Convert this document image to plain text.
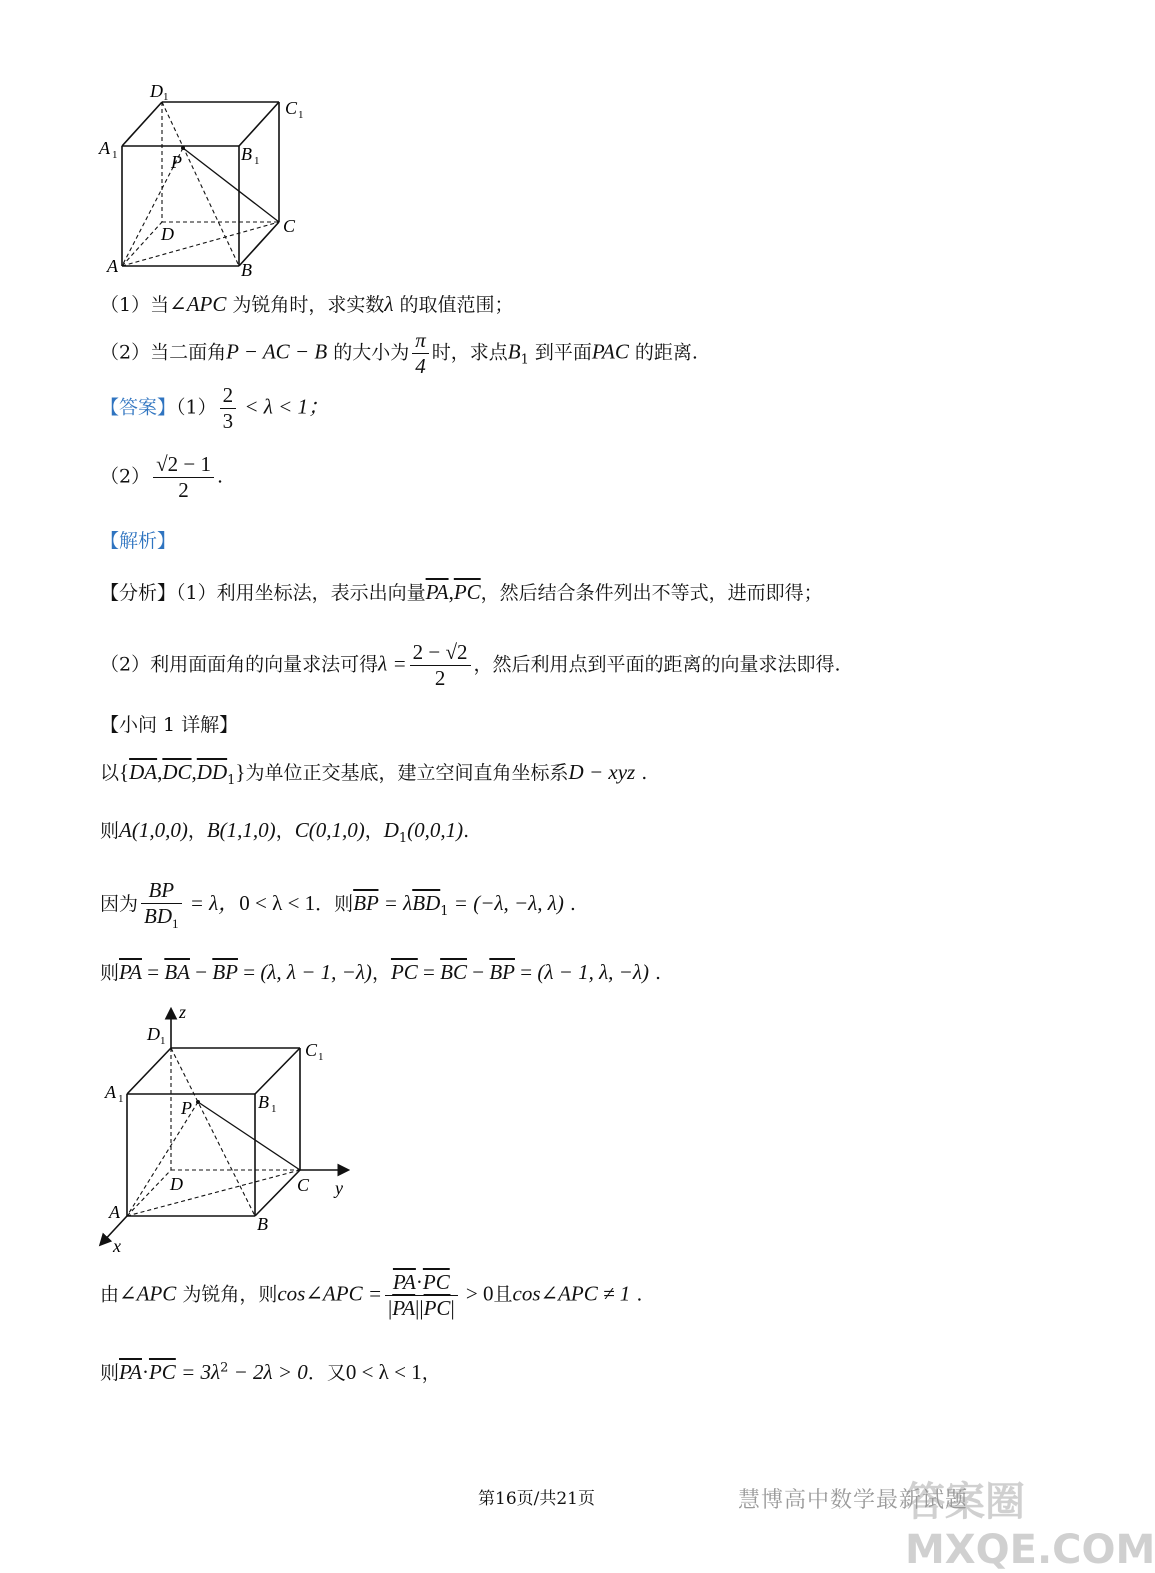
D 1
C 1
A 1	B 1
P
D	C
A	B
（1）当∠APC 为锐角时，求实数λ 的取值范围；
（2）当二面角P − AC − B 的大小为 $\frac{\pi}{4}$ 时，求点$B_1$ 到平面PAC 的距离.
【答案】$(1) \frac{2}{3} < \lambda < 1$；
$(2) \frac{√2 - 1}{2}$ .
【解析】
【分析】（1）利用坐标法，表示出向量$\overline{PA},\overline{PC}$，然后结合条件列出不等式，进而即得；
（2）利用面面角的向量求法可得$\lambda = \frac{2 - √2}{2}$ ，然后利用点到平面的距离的向量求法即得.
【小问 1 详解】
以$\{\overline{DA},\overline{DC},\overline{DD}_1\}$为单位正交基底，建立空间直角坐标系D − xyz .
则A(1,0,0)，B(1,1,0)，C(0,1,0)，$D_1(0,0,1)$.
因为 $\frac{BP}{BD_1} = \lambda$，0 < λ < 1．则$\overline{BP} = \lambda\overline{BD}_1 = (-\lambda$, −λ, λ) .
则$\overline{PA} = \overline{BA} - \overline{BP} = (\lambda$, λ − 1, −λ)，$\overline{PC} = \overline{BC} - \overline{BP} = (\lambda - 1$, λ, −λ) .
z
D 1	C 1
A 1	B 1
P
D	C y
A
B
x
由∠APC 为锐角，则cos∠APC = $\frac{\overline{PA}\cdot\overline{PC}}{|\overline{PA}||\overline{PC}|} > 0$且cos∠APC ≠ 1 .
则$\overline{PA}\cdot\overline{PC} = 3\lambda^2 - 2\lambda > 0$．又0 < λ < 1，
第16页/共21页	慧博高中数学最新试题
答案圈 MXQE.COM
